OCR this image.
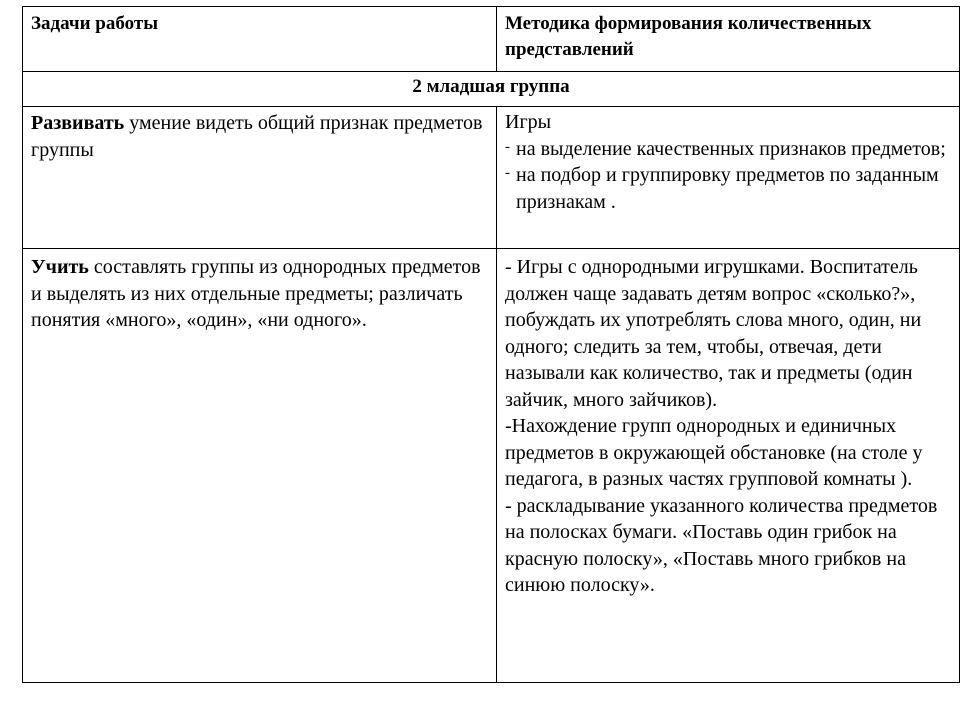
Задачи работы	Методика формирования количественных представлений
2 младшая группа	
Развивать умение видеть общий признак предметов группы	Игры
- на выделение качественных признаков предметов;
- на подбор и группировку предметов по заданным признакам .

Учить составлять группы из однородных предметов и выделять из них отдельные предметы; различать понятия «много», «один», «ни одного».	- Игры с однородными игрушками. Воспитатель должен чаще задавать детям вопрос «сколько?», побуждать их употреблять слова много, один, ни одного; следить за тем, чтобы, отвечая, дети называли как количество, так и предметы (один зайчик, много зайчиков).
-Нахождение групп однородных и единичных предметов в окружающей обстановке (на столе у педагога, в разных частях групповой комнаты ).
- раскладывание указанного количества предметов на полосках бумаги. «Поставь один грибок на красную полоску», «Поставь много грибков на синюю полоску».
